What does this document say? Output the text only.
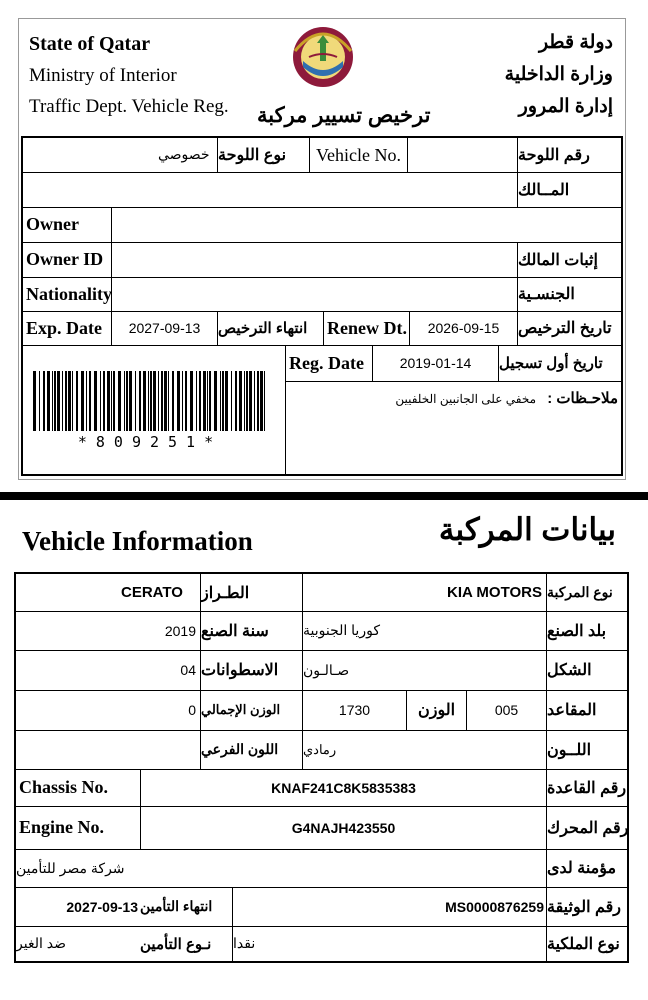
State of Qatar
Ministry of Interior
Traffic Dept. Vehicle Reg.
دولة قطر
وزارة الداخلية
إدارة المرور
ترخيص تسيير مركبة
خصوصي نوع اللوحة	Vehicle No.	رقم اللوحة
المــالك
Owner
Owner ID	إثبات المالك
Nationality	الجنسـية
Exp. Date	2027-09-13	انتهاء الترخيص	Renew Dt.	2026-09-15	تاريخ الترخيص
Reg. Date	2019-01-14	تاريخ أول تسجيل
ملاحـظات :
مخفي على الجانبين الخلفيين
*809251*
Vehicle Information	بيانات المركبة
CERATO	الطـراز	KIA MOTORS نوع المركبة
2019 سنة الصنع	كوريا الجنوبية	بلد الصنع
04 الاسطوانات	صـالـون	الشكل
0 الوزن الإجمالي	1730	الوزن	005	المقاعد
اللون الفرعي	رمادي	اللــون
Chassis No.	KNAF241C8K5835383	رقم القاعدة
Engine No.	G4NAJH423550	رقم المحرك
شركة مصر للتأمين	مؤمنة لدى
2027-09-13 انتهاء التأمين	MS0000876259 رقم الوثيقة
ضد الغير	نـوع التأمين	نقدا	نوع الملكية
